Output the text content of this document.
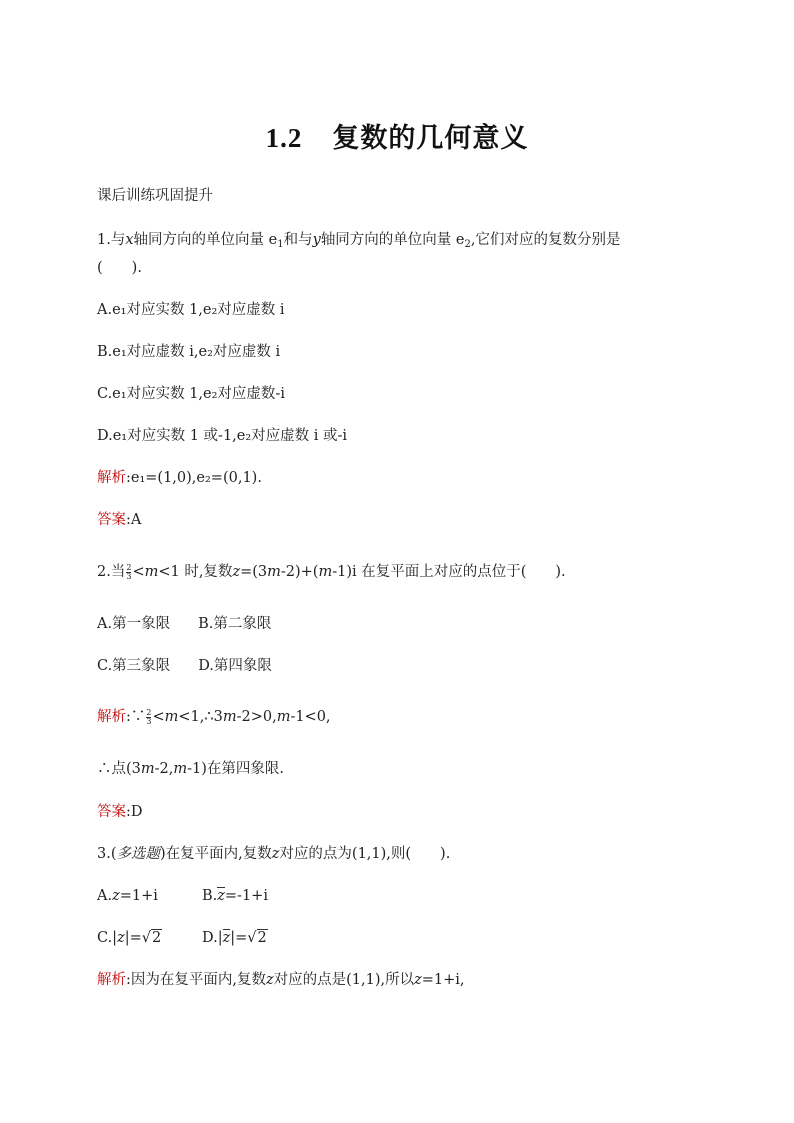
1.2 复数的几何意义
课后训练巩固提升
1.与x轴同方向的单位向量 $e_1$和与y轴同方向的单位向量 $e_2$,它们对应的复数分别是
(　　).
A.e₁对应实数 1,e₂对应虚数 i
B.e₁对应虚数 i,e₂对应虚数 i
C.e₁对应实数 1,e₂对应虚数-i
D.e₁对应实数 1 或-1,e₂对应虚数 i 或-i
解析:e₁=(1,0),e₂=(0,1).
答案:A
2.当 $\frac{2}{3} <m<1$ 时,复数z=(3m-2)+(m-1)i 在复平面上对应的点位于(　　).
A.第一象限 B.第二象限
C.第三象限 D.第四象限
解析:∵ $\frac{2}{3}$ <m<1,∴3m-2>0,m-1<0,
∴点(3m-2,m-1)在第四象限.
答案:D
3.(多选题)在复平面内,复数z对应的点为(1,1),则(　　).
A.z=1+i	B.z=-1+i
C.|z|=√2	D.|z|=√2
解析:因为在复平面内,复数z对应的点是(1,1),所以z=1+i,
